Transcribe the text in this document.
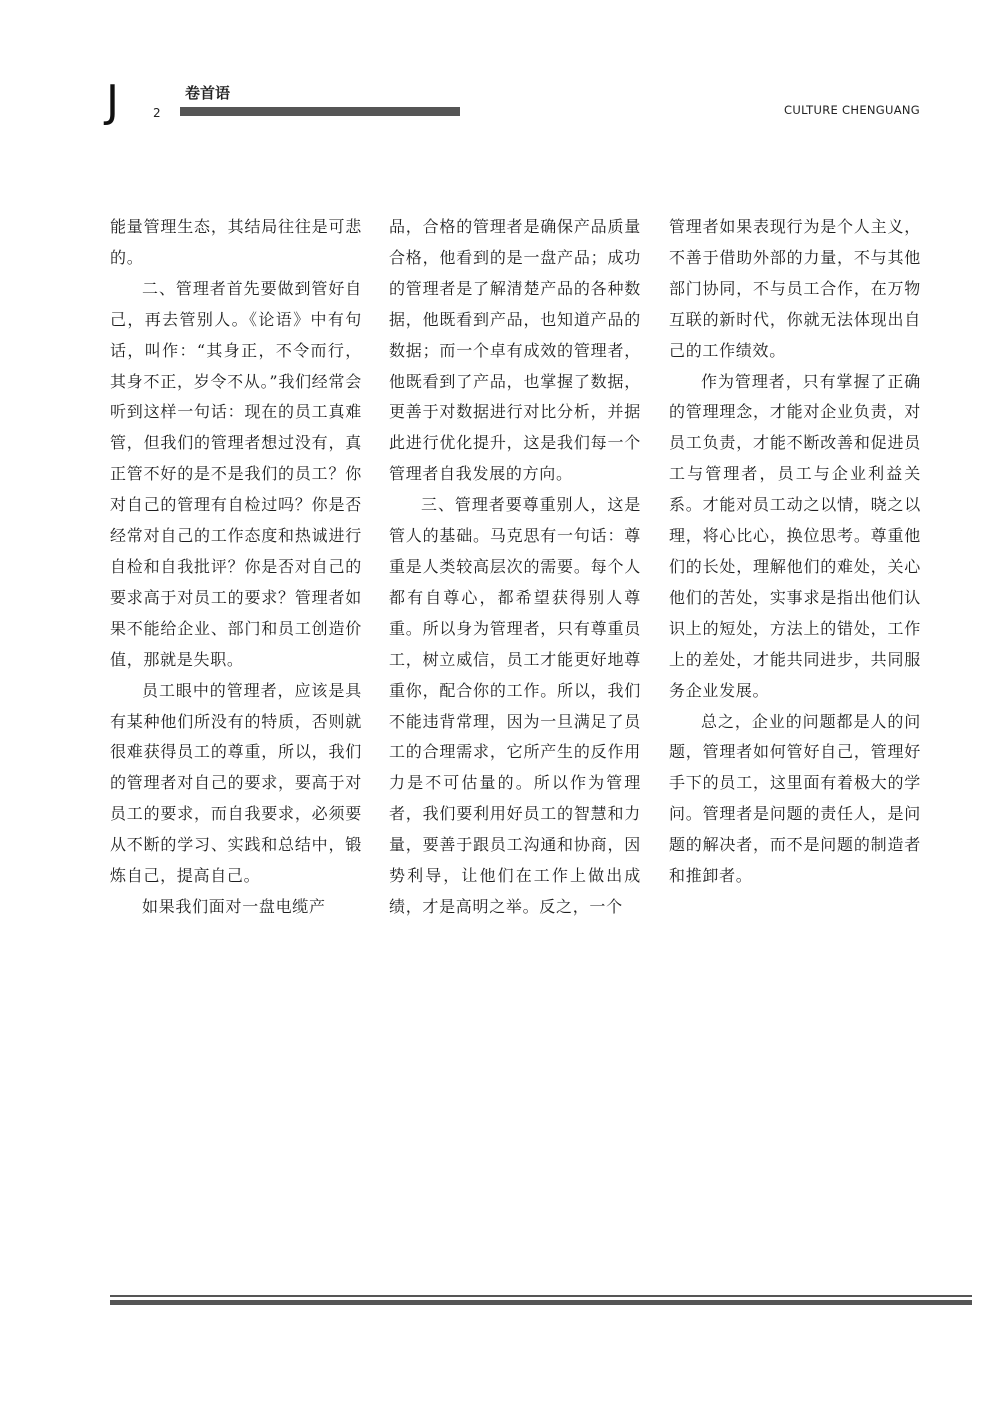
J	2
卷首语
CULTURE CHENGUANG

能量管理生态，其结局往往是可悲的。

二、管理者首先要做到管好自己，再去管别人。《论语》中有句话，叫作：“其身正，不令而行，其身不正，岁令不从。”我们经常会听到这样一句话：现在的员工真难管，但我们的管理者想过没有，真正管不好的是不是我们的员工？你对自己的管理有自检过吗？你是否经常对自己的工作态度和热诚进行自检和自我批评？你是否对自己的要求高于对员工的要求？管理者如果不能给企业、部门和员工创造价值，那就是失职。

员工眼中的管理者，应该是具有某种他们所没有的特质，否则就很难获得员工的尊重，所以，我们的管理者对自己的要求，要高于对员工的要求，而自我要求，必须要从不断的学习、实践和总结中，锻炼自己，提高自己。

如果我们面对一盘电缆产

品，合格的管理者是确保产品质量合格，他看到的是一盘产品；成功的管理者是了解清楚产品的各种数据，他既看到产品，也知道产品的数据；而一个卓有成效的管理者，他既看到了产品，也掌握了数据，更善于对数据进行对比分析，并据此进行优化提升，这是我们每一个管理者自我发展的方向。

三、管理者要尊重别人，这是管人的基础。马克思有一句话：尊重是人类较高层次的需要。每个人都有自尊心，都希望获得别人尊重。所以身为管理者，只有尊重员工，树立威信，员工才能更好地尊重你，配合你的工作。所以，我们不能违背常理，因为一旦满足了员工的合理需求，它所产生的反作用力是不可估量的。所以作为管理者，我们要利用好员工的智慧和力量，要善于跟员工沟通和协商，因势利导，让他们在工作上做出成绩，才是高明之举。反之，一个

管理者如果表现行为是个人主义，不善于借助外部的力量，不与其他部门协同，不与员工合作，在万物互联的新时代，你就无法体现出自己的工作绩效。

作为管理者，只有掌握了正确的管理理念，才能对企业负责，对员工负责，才能不断改善和促进员工与管理者，员工与企业利益关系。才能对员工动之以情，晓之以理，将心比心，换位思考。尊重他们的长处，理解他们的难处，关心他们的苦处，实事求是指出他们认识上的短处，方法上的错处，工作上的差处，才能共同进步，共同服务企业发展。

总之，企业的问题都是人的问题，管理者如何管好自己，管理好手下的员工，这里面有着极大的学问。管理者是问题的责任人，是问题的解决者，而不是问题的制造者和推卸者。
